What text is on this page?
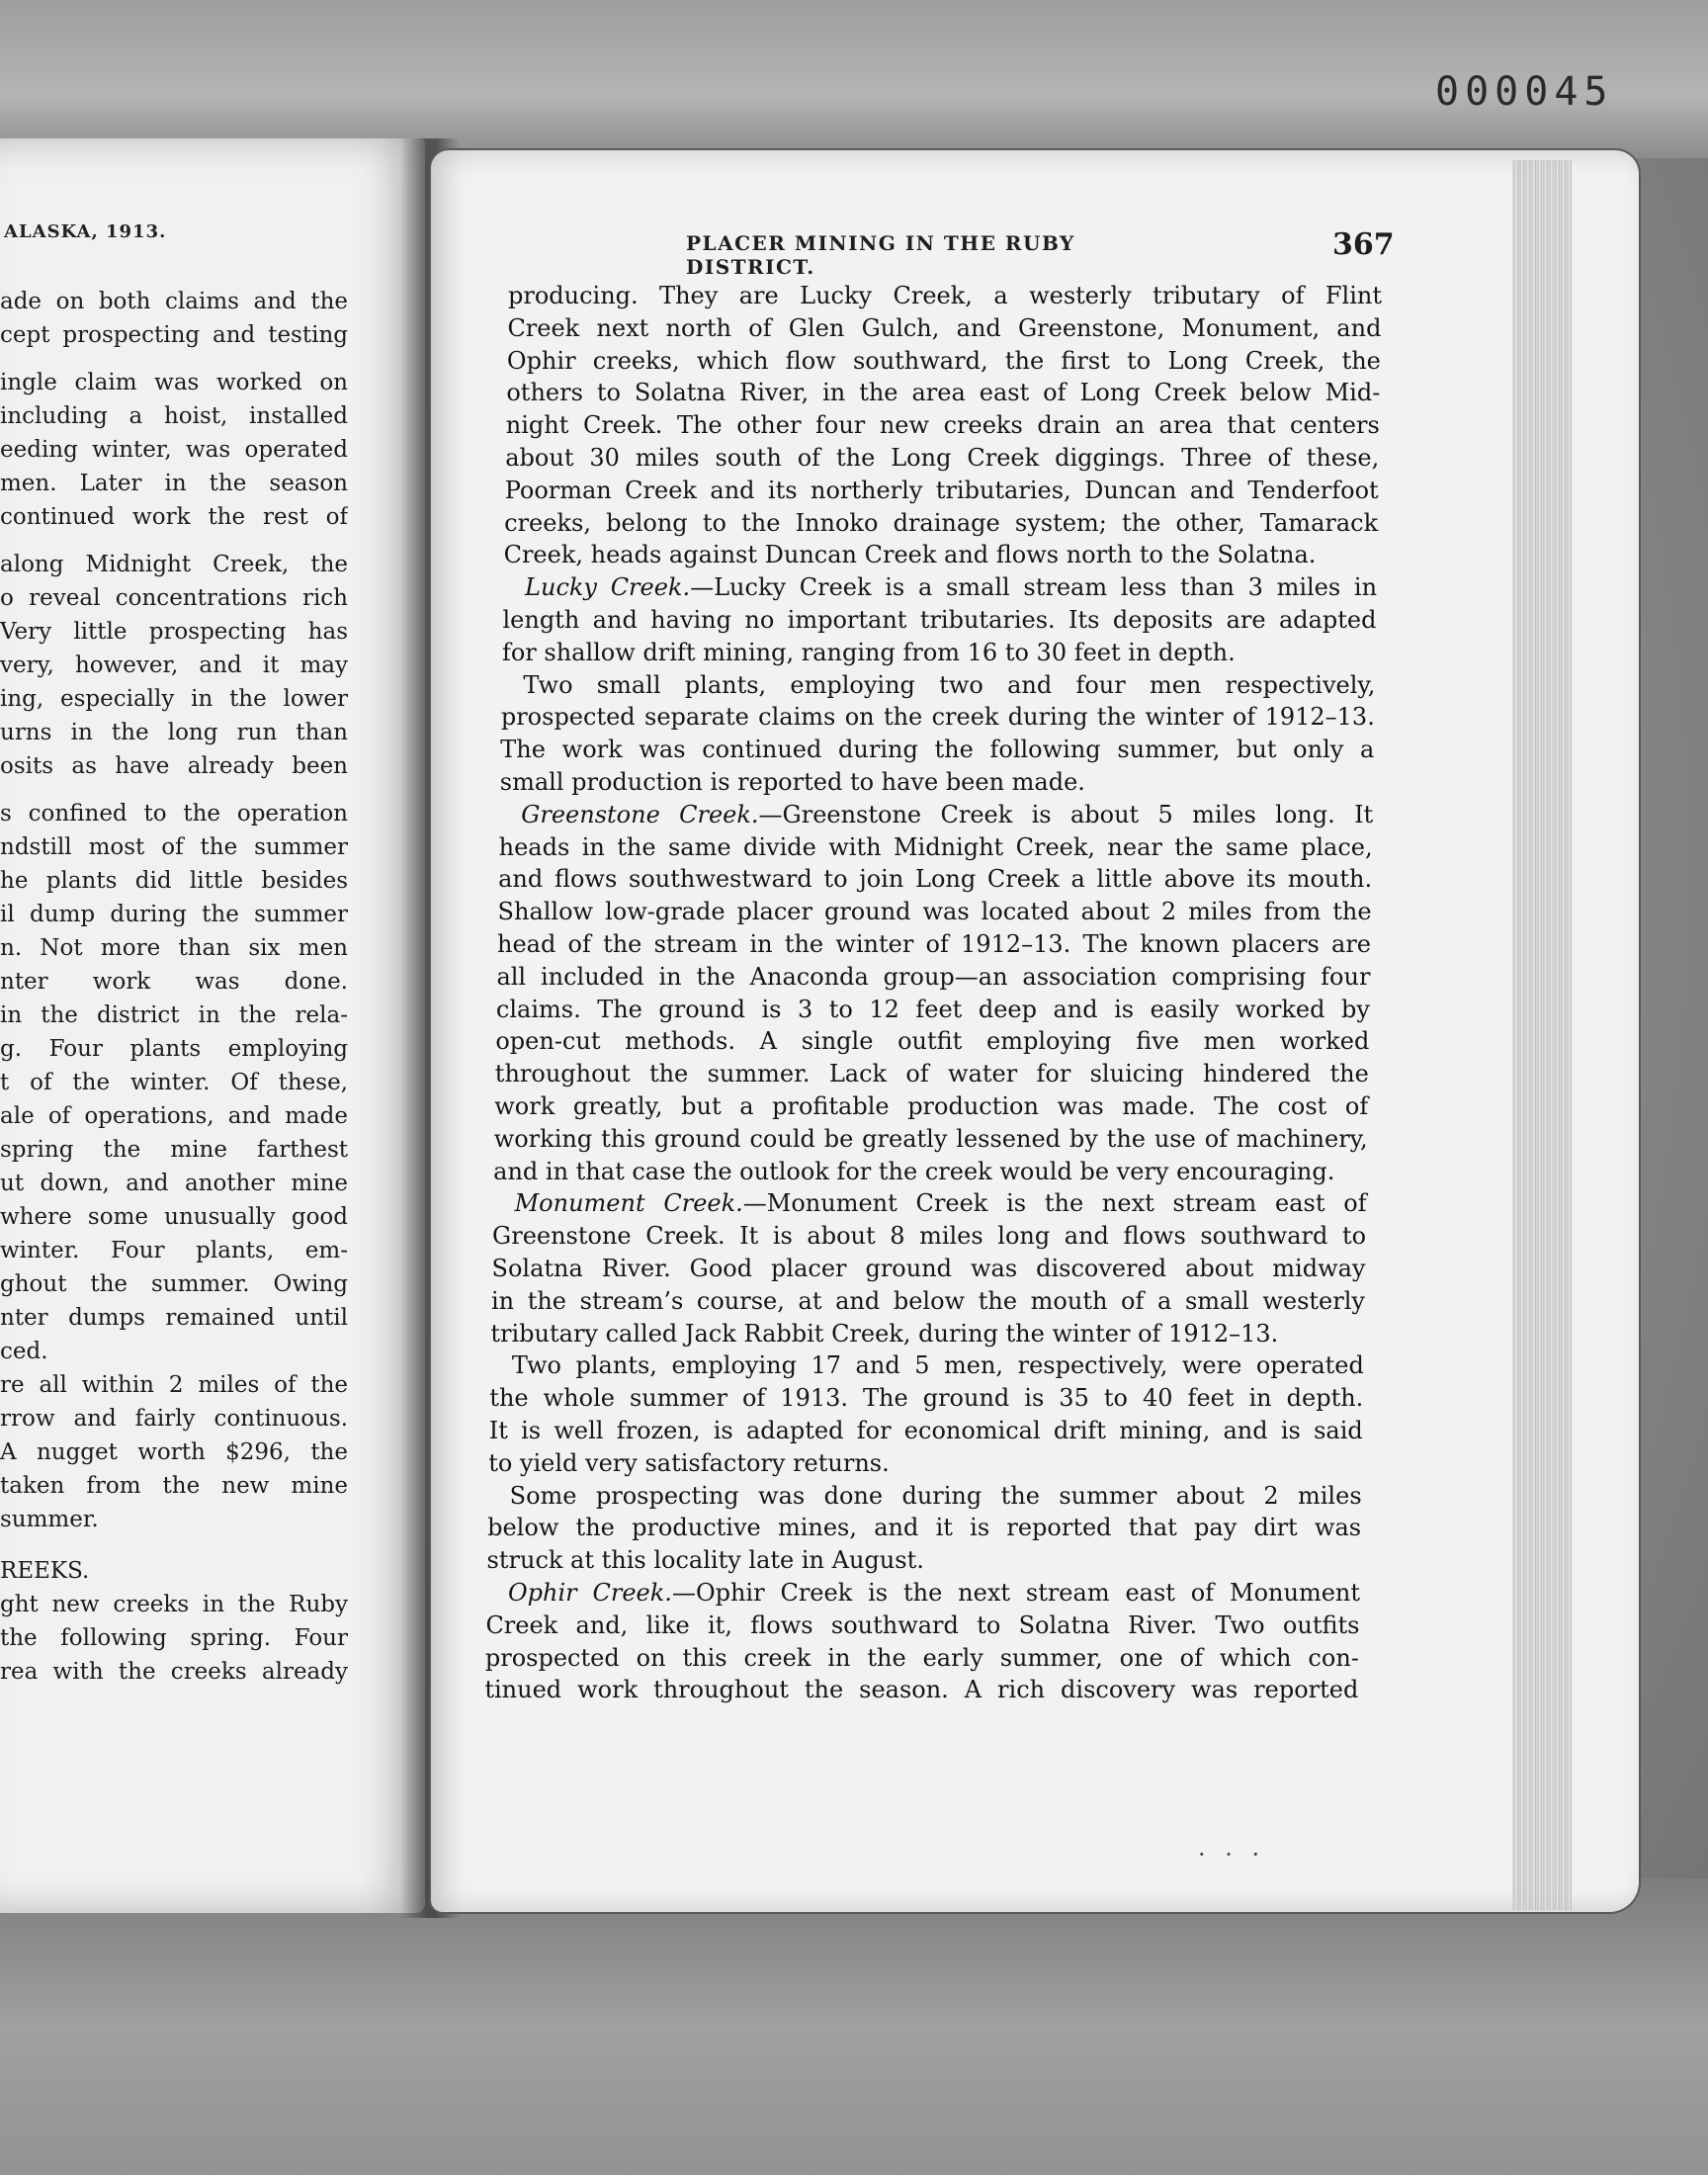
000045
ALASKA, 1913.
ade on both claims and the
cept prospecting and testing
ingle claim was worked on
including a hoist, installed
eeding winter, was operated
men. Later in the season
continued work the rest of
along Midnight Creek, the
o reveal concentrations rich
Very little prospecting has
very, however, and it may
ing, especially in the lower
urns in the long run than
osits as have already been
s confined to the operation
ndstill most of the summer
he plants did little besides
il dump during the summer
n. Not more than six men
nter work was done.
in the district in the rela-
g. Four plants employing
t of the winter. Of these,
ale of operations, and made
spring the mine farthest
ut down, and another mine
where some unusually good
winter. Four plants, em-
ghout the summer. Owing
nter dumps remained until
ced.
re all within 2 miles of the
rrow and fairly continuous.
A nugget worth $296, the
taken from the new mine
summer.
REEKS.
ght new creeks in the Ruby
the following spring. Four
rea with the creeks already
PLACER MINING IN THE RUBY DISTRICT.
367
producing. They are Lucky Creek, a westerly tributary of Flint
Creek next north of Glen Gulch, and Greenstone, Monument, and
Ophir creeks, which flow southward, the first to Long Creek, the
others to Solatna River, in the area east of Long Creek below Mid-
night Creek. The other four new creeks drain an area that centers
about 30 miles south of the Long Creek diggings. Three of these,
Poorman Creek and its northerly tributaries, Duncan and Tenderfoot
creeks, belong to the Innoko drainage system; the other, Tamarack
Creek, heads against Duncan Creek and flows north to the Solatna.
Lucky Creek.—Lucky Creek is a small stream less than 3 miles in
length and having no important tributaries. Its deposits are adapted
for shallow drift mining, ranging from 16 to 30 feet in depth.
Two small plants, employing two and four men respectively,
prospected separate claims on the creek during the winter of 1912–13.
The work was continued during the following summer, but only a
small production is reported to have been made.
Greenstone Creek.—Greenstone Creek is about 5 miles long. It
heads in the same divide with Midnight Creek, near the same place,
and flows southwestward to join Long Creek a little above its mouth.
Shallow low-grade placer ground was located about 2 miles from the
head of the stream in the winter of 1912–13. The known placers are
all included in the Anaconda group—an association comprising four
claims. The ground is 3 to 12 feet deep and is easily worked by
open-cut methods. A single outfit employing five men worked
throughout the summer. Lack of water for sluicing hindered the
work greatly, but a profitable production was made. The cost of
working this ground could be greatly lessened by the use of machinery,
and in that case the outlook for the creek would be very encouraging.
Monument Creek.—Monument Creek is the next stream east of
Greenstone Creek. It is about 8 miles long and flows southward to
Solatna River. Good placer ground was discovered about midway
in the stream’s course, at and below the mouth of a small westerly
tributary called Jack Rabbit Creek, during the winter of 1912–13.
Two plants, employing 17 and 5 men, respectively, were operated
the whole summer of 1913. The ground is 35 to 40 feet in depth.
It is well frozen, is adapted for economical drift mining, and is said
to yield very satisfactory returns.
Some prospecting was done during the summer about 2 miles
below the productive mines, and it is reported that pay dirt was
struck at this locality late in August.
Ophir Creek.—Ophir Creek is the next stream east of Monument
Creek and, like it, flows southward to Solatna River. Two outfits
prospected on this creek in the early summer, one of which con-
tinued work throughout the season. A rich discovery was reported
· · ·
